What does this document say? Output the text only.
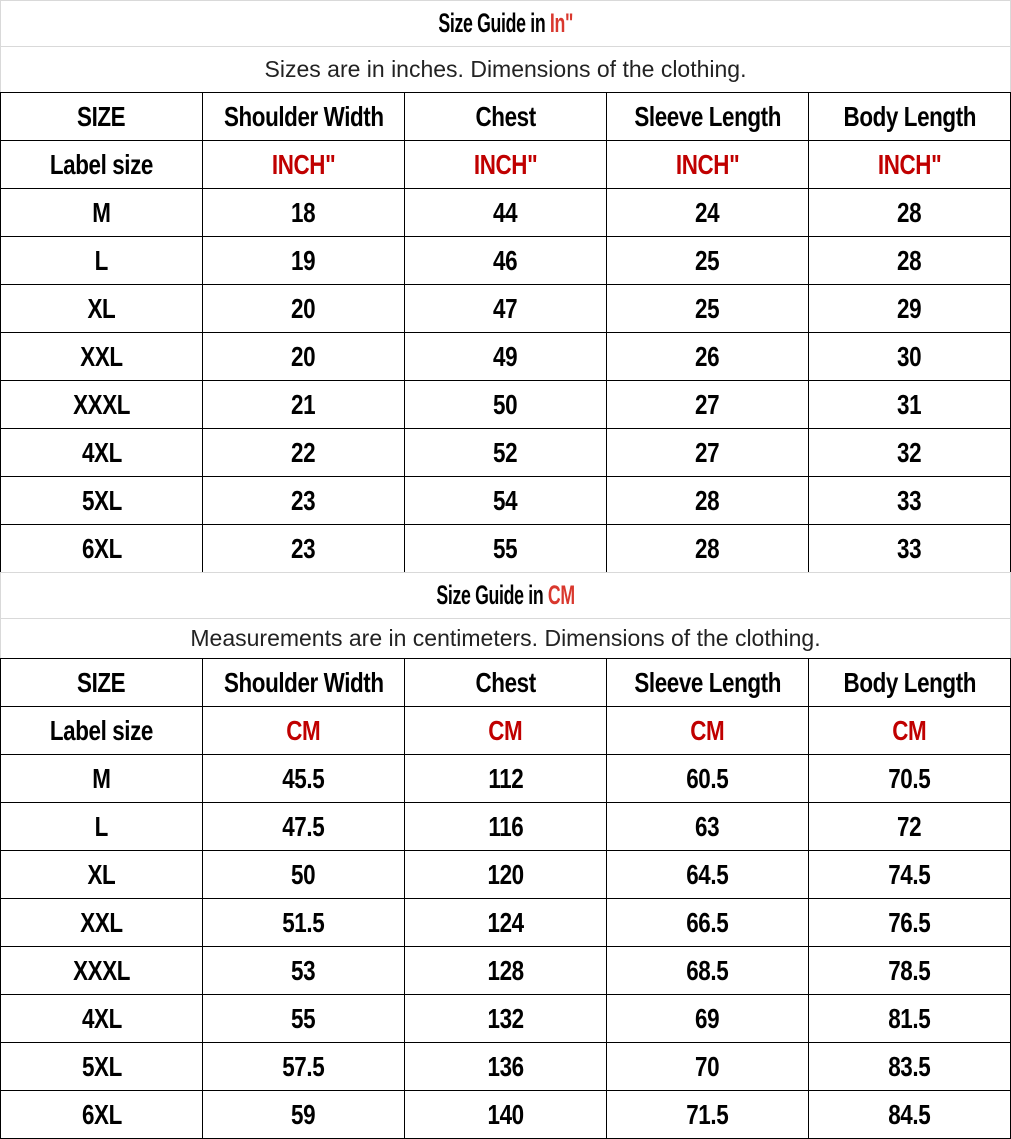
Size Guide in In"				
Sizes are in inches. Dimensions of the clothing.				
SIZE	Shoulder Width	Chest	Sleeve Length	Body Length
Label size	INCH"	INCH"	INCH"	INCH"
M	18	44	24	28
L	19	46	25	28
XL	20	47	25	29
XXL	20	49	26	30
XXXL	21	50	27	31
4XL	22	52	27	32
5XL	23	54	28	33
6XL	23	55	28	33
Size Guide in CM				
Measurements are in centimeters. Dimensions of the clothing.				
SIZE	Shoulder Width	Chest	Sleeve Length	Body Length
Label size	CM	CM	CM	CM
M	45.5	112	60.5	70.5
L	47.5	116	63	72
XL	50	120	64.5	74.5
XXL	51.5	124	66.5	76.5
XXXL	53	128	68.5	78.5
4XL	55	132	69	81.5
5XL	57.5	136	70	83.5
6XL	59	140	71.5	84.5
